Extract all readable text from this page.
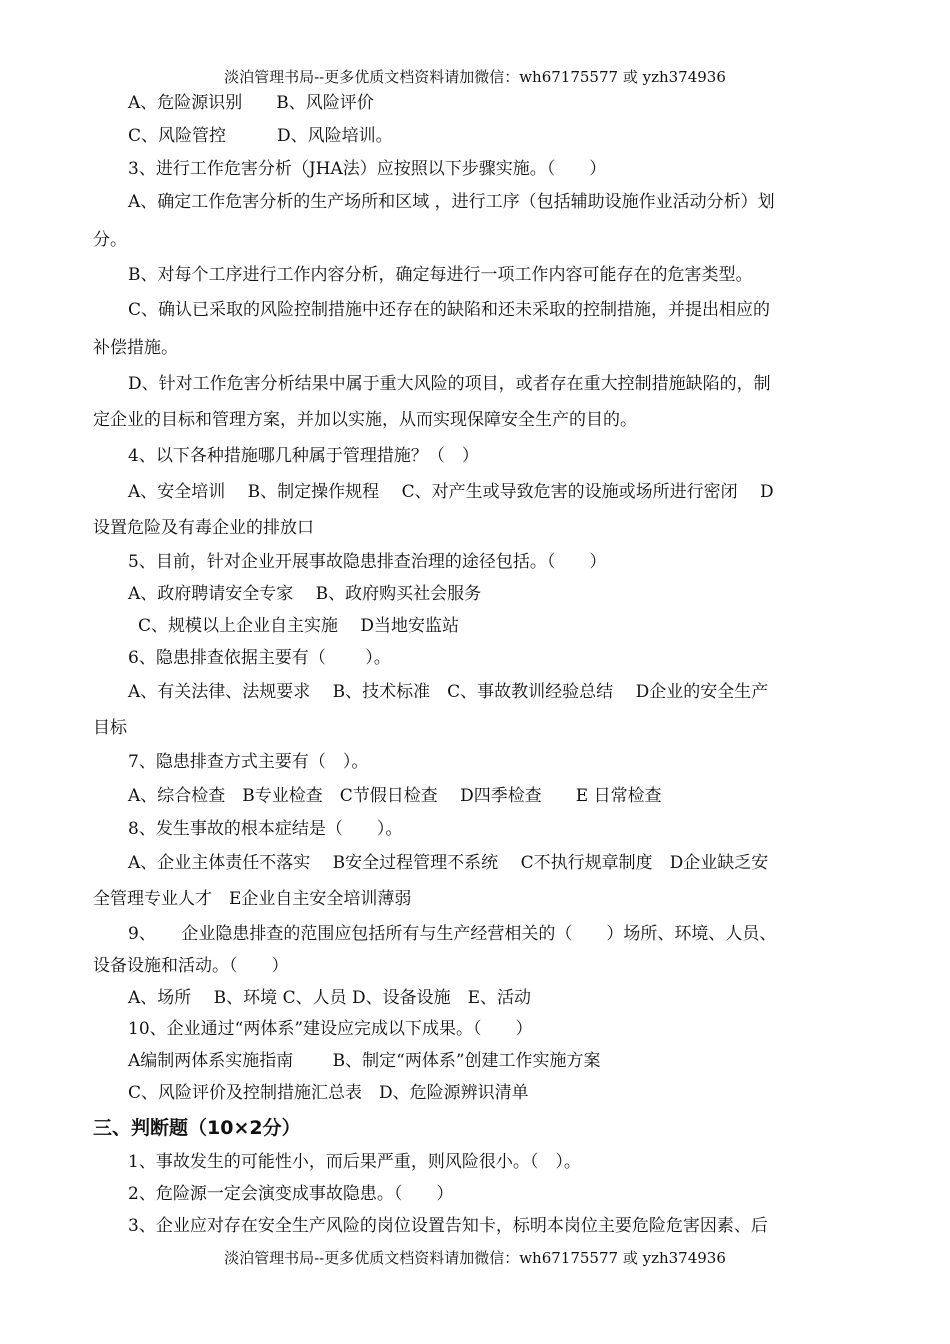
淡泊管理书局--更多优质文档资料请加微信：wh67175577 或 yzh374936
A、危险源识别　　B、风险评价
C、风险管控　　　D、风险培训。
3、进行工作危害分析（JHA法）应按照以下步骤实施。（　　）
A、确定工作危害分析的生产场所和区域 ，进行工序（包括辅助设施作业活动分析）划
分。
B、对每个工序进行工作内容分析，确定每进行一项工作内容可能存在的危害类型。
C、确认已采取的风险控制措施中还存在的缺陷和还未采取的控制措施，并提出相应的
补偿措施。
D、针对工作危害分析结果中属于重大风险的项目，或者存在重大控制措施缺陷的，制
定企业的目标和管理方案，并加以实施，从而实现保障安全生产的目的。
4、以下各种措施哪几种属于管理措施？（　）
A、安全培训　 B、制定操作规程　 C、对产生或导致危害的设施或场所进行密闭　 D
设置危险及有毒企业的排放口
5、目前，针对企业开展事故隐患排查治理的途径包括。（　　）
A、政府聘请安全专家　 B、政府购买社会服务
C、规模以上企业自主实施　 D当地安监站
6、隐患排查依据主要有（　　 ）。
A、有关法律、法规要求　 B、技术标准　C、事故教训经验总结　 D企业的安全生产
目标
7、隐患排查方式主要有（　）。
A、综合检查　B专业检查　C节假日检查　 D四季检查　　E 日常检查
8、发生事故的根本症结是（　　）。
A、企业主体责任不落实　 B安全过程管理不系统　 C不执行规章制度　D企业缺乏安
全管理专业人才　E企业自主安全培训薄弱
9、　　企业隐患排查的范围应包括所有与生产经营相关的（　　）场所、环境、人员、
设备设施和活动。（　　）
A、场所　 B、环境 C、人员 D、设备设施　E、活动
10、企业通过“两体系”建设应完成以下成果。（　　）
A编制两体系实施指南　　 B、制定“两体系”创建工作实施方案
C、风险评价及控制措施汇总表　D、危险源辨识清单
三、判断题（10×2分）
1、事故发生的可能性小，而后果严重，则风险很小。（　）。
2、危险源一定会演变成事故隐患。（　　）
3、企业应对存在安全生产风险的岗位设置告知卡，标明本岗位主要危险危害因素、后
淡泊管理书局--更多优质文档资料请加微信：wh67175577 或 yzh374936
